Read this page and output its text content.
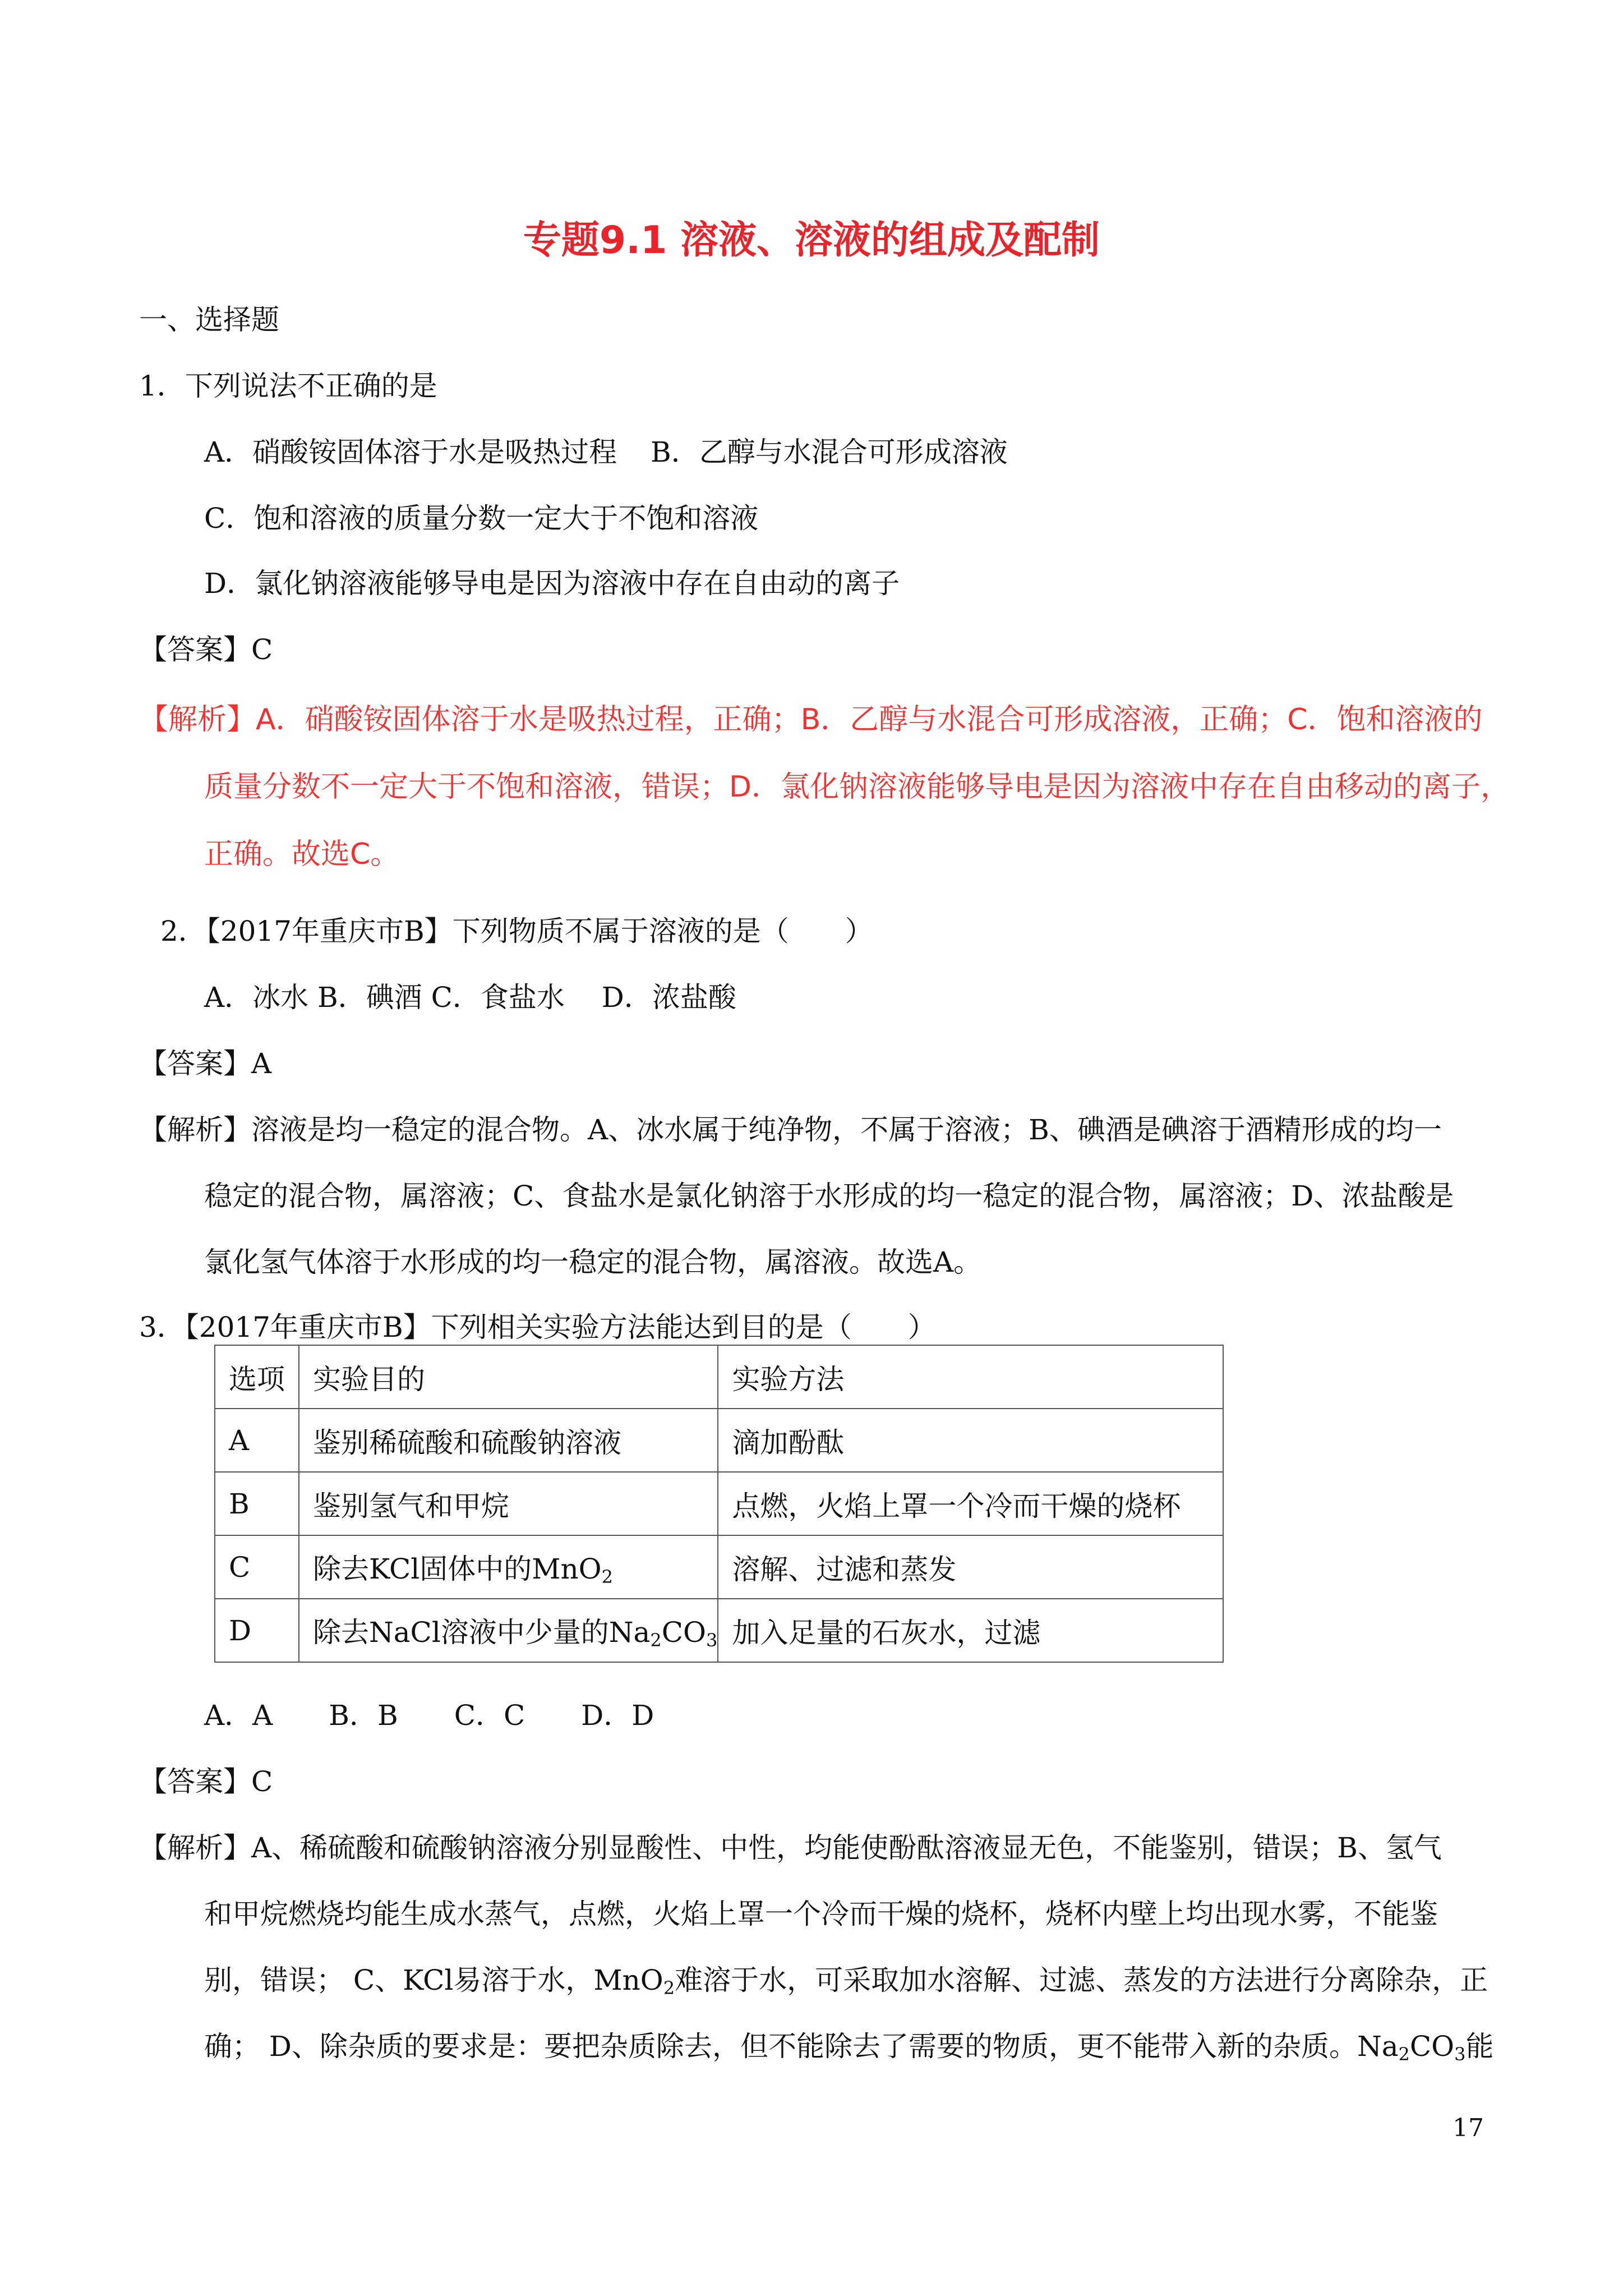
专题9.1 溶液、溶液的组成及配制
一、选择题
1．下列说法不正确的是
A．硝酸铵固体溶于水是吸热过程 B．乙醇与水混合可形成溶液
C．饱和溶液的质量分数一定大于不饱和溶液
D．氯化钠溶液能够导电是因为溶液中存在自由动的离子
【答案】C
【解析】A．硝酸铵固体溶于水是吸热过程，正确；B．乙醇与水混合可形成溶液，正确；C．饱和溶液的
质量分数不一定大于不饱和溶液，错误；D．氯化钠溶液能够导电是因为溶液中存在自由移动的离子，
正确。故选C。
2．【2017年重庆市B】下列物质不属于溶液的是（　　）
A．冰水 B．碘酒 C．食盐水　 D．浓盐酸
【答案】A
【解析】溶液是均一稳定的混合物。A、冰水属于纯净物，不属于溶液；B、碘酒是碘溶于酒精形成的均一
稳定的混合物，属溶液；C、食盐水是氯化钠溶于水形成的均一稳定的混合物，属溶液；D、浓盐酸是
氯化氢气体溶于水形成的均一稳定的混合物，属溶液。故选A。
3．【2017年重庆市B】下列相关实验方法能达到目的是（　　）
选项	实验目的	实验方法
A	鉴别稀硫酸和硫酸钠溶液	滴加酚酞
B	鉴别氢气和甲烷	点燃，火焰上罩一个冷而干燥的烧杯
C	除去KCl固体中的MnO$_2$	溶解、过滤和蒸发
D	除去NaCl溶液中少量的$Na_2CO_3$	加入足量的石灰水，过滤
A．A　　B．B　　C．C　　D．D
【答案】C
【解析】A、稀硫酸和硫酸钠溶液分别显酸性、中性，均能使酚酞溶液显无色，不能鉴别，错误；B、氢气
和甲烷燃烧均能生成水蒸气，点燃，火焰上罩一个冷而干燥的烧杯，烧杯内壁上均出现水雾，不能鉴
别，错误； C、KCl易溶于水，MnO$_2$难溶于水，可采取加水溶解、过滤、蒸发的方法进行分离除杂，正
确； D、除杂质的要求是：要把杂质除去，但不能除去了需要的物质，更不能带入新的杂质。$Na_2CO_3$能
17
